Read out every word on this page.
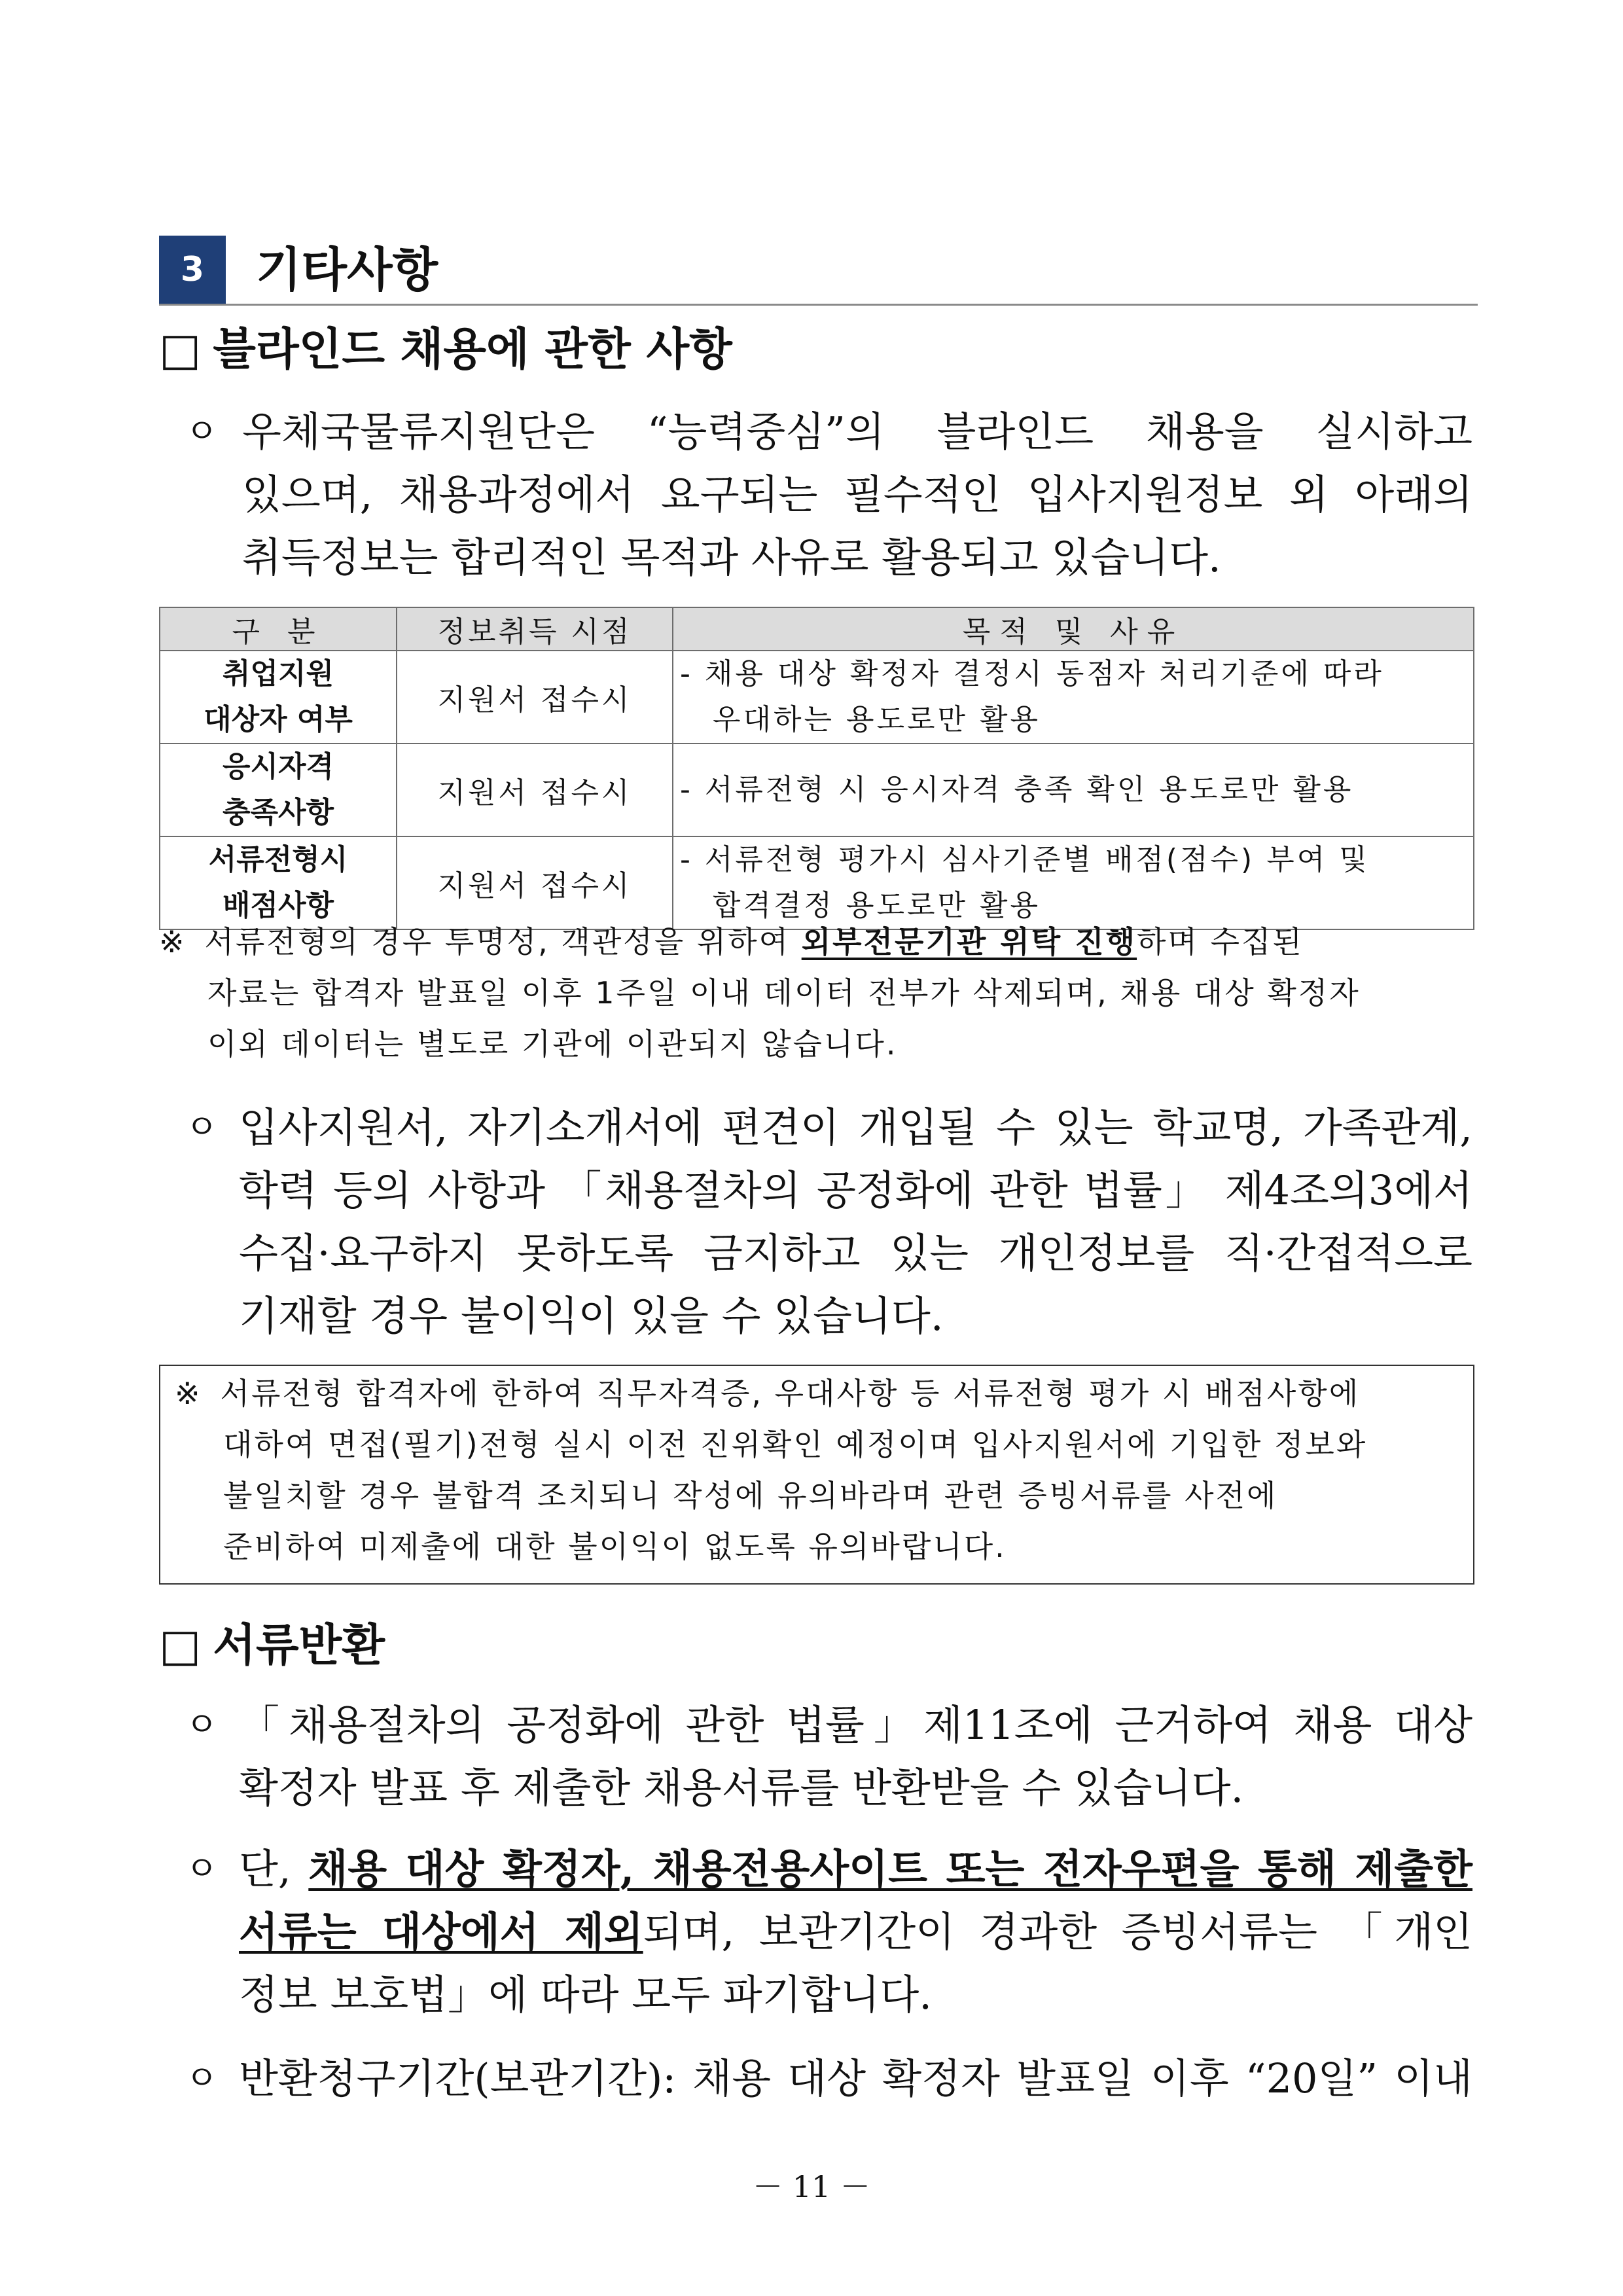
3	기타사항
□ 블라인드 채용에 관한 사항
ㅇ 우체국물류지원단은 “능력중심”의 블라인드 채용을 실시하고
있으며, 채용과정에서 요구되는 필수적인 입사지원정보 외 아래의
취득정보는 합리적인 목적과 사유로 활용되고 있습니다.
구 분	정보취득 시점	목적 및 사유
취업지원
대상자 여부	지원서 접수시	- 채용 대상 확정자 결정시 동점자 처리기준에 따라
우대하는 용도로만 활용
응시자격
충족사항	지원서 접수시	- 서류전형 시 응시자격 충족 확인 용도로만 활용
서류전형시
배점사항	지원서 접수시	- 서류전형 평가시 심사기준별 배점(점수) 부여 및
합격결정 용도로만 활용
※ 서류전형의 경우 투명성, 객관성을 위하여 외부전문기관 위탁 진행하며 수집된
자료는 합격자 발표일 이후 1주일 이내 데이터 전부가 삭제되며, 채용 대상 확정자
이외 데이터는 별도로 기관에 이관되지 않습니다.
ㅇ 입사지원서, 자기소개서에 편견이 개입될 수 있는 학교명, 가족관계,
학력 등의 사항과 「채용절차의 공정화에 관한 법률」 제4조의3에서
수집·요구하지 못하도록 금지하고 있는 개인정보를 직·간접적으로
기재할 경우 불이익이 있을 수 있습니다.
※ 서류전형 합격자에 한하여 직무자격증, 우대사항 등 서류전형 평가 시 배점사항에
대하여 면접(필기)전형 실시 이전 진위확인 예정이며 입사지원서에 기입한 정보와
불일치할 경우 불합격 조치되니 작성에 유의바라며 관련 증빙서류를 사전에
준비하여 미제출에 대한 불이익이 없도록 유의바랍니다.
□ 서류반환
ㅇ 「채용절차의 공정화에 관한 법률」제11조에 근거하여 채용 대상
확정자 발표 후 제출한 채용서류를 반환받을 수 있습니다.
ㅇ 단, 채용 대상 확정자, 채용전용사이트 또는 전자우편을 통해 제출한
서류는 대상에서 제외되며, 보관기간이 경과한 증빙서류는 「개인
정보 보호법」에 따라 모두 파기합니다.
ㅇ 반환청구기간(보관기간): 채용 대상 확정자 발표일 이후 “20일” 이내
－ 11 －
